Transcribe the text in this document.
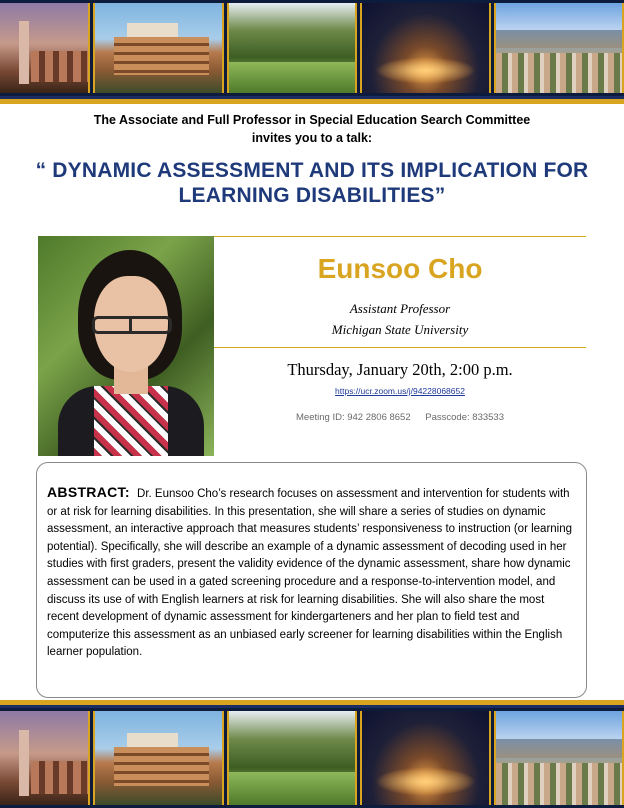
The Associate and Full Professor in Special Education Search Committee
invites you to a talk:
“ DYNAMIC ASSESSMENT AND ITS IMPLICATION FOR
LEARNING DISABILITIES”
Eunsoo Cho
Assistant Professor
Michigan State University
Thursday, January 20th, 2:00 p.m.
https://ucr.zoom.us/j/94228068652
Meeting ID: 942 2806 8652 Passcode: 833533
ABSTRACT: Dr. Eunsoo Cho’s research focuses on assessment and intervention for students with or at risk for learning disabilities. In this presentation, she will share a series of studies on dynamic assessment, an interactive approach that measures students’ responsiveness to instruction (or learning potential). Specifically, she will describe an example of a dynamic assessment of decoding used in her studies with first graders, present the validity evidence of the dynamic assessment, share how dynamic assessment can be used in a gated screening procedure and a response-to-intervention model, and discuss its use of with English learners at risk for learning disabilities. She will also share the most recent development of dynamic assessment for kindergarteners and her plan to field test and computerize this assessment as an unbiased early screener for learning disabilities within the English learner population.
